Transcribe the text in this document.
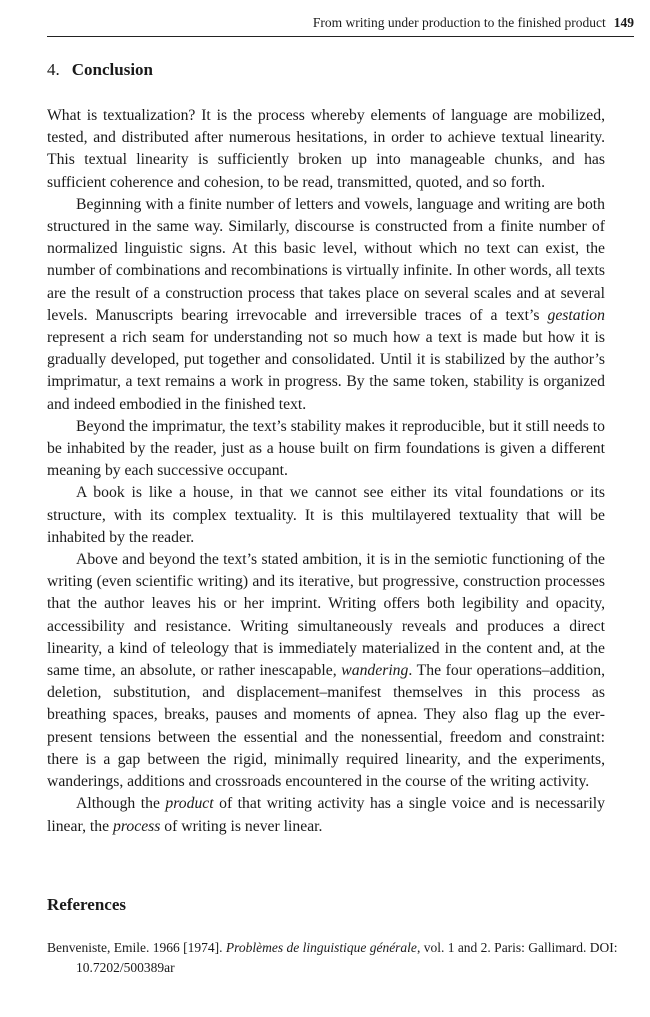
From writing under production to the finished product 149
4. Conclusion

What is textualization? It is the process whereby elements of language are mobilized, tested, and distributed after numerous hesitations, in order to achieve textual linearity. This textual linearity is sufficiently broken up into manageable chunks, and has sufficient coherence and cohesion, to be read, transmitted, quoted, and so forth.

Beginning with a finite number of letters and vowels, language and writing are both structured in the same way. Similarly, discourse is constructed from a finite number of normalized linguistic signs. At this basic level, without which no text can exist, the number of combinations and recombinations is virtually infinite. In other words, all texts are the result of a construction process that takes place on several scales and at several levels. Manuscripts bearing irrevocable and irreversible traces of a text’s gestation represent a rich seam for understanding not so much how a text is made but how it is gradually developed, put together and consolidated. Until it is stabilized by the author’s imprimatur, a text remains a work in progress. By the same token, stability is organized and indeed embodied in the finished text.

Beyond the imprimatur, the text’s stability makes it reproducible, but it still needs to be inhabited by the reader, just as a house built on firm foundations is given a different meaning by each successive occupant.

A book is like a house, in that we cannot see either its vital foundations or its structure, with its complex textuality. It is this multilayered textuality that will be inhabited by the reader.

Above and beyond the text’s stated ambition, it is in the semiotic functioning of the writing (even scientific writing) and its iterative, but progressive, construction processes that the author leaves his or her imprint. Writing offers both legibility and opacity, accessibility and resistance. Writing simultaneously reveals and produces a direct linearity, a kind of teleology that is immediately materialized in the content and, at the same time, an absolute, or rather inescapable, wandering. The four operations–addition, deletion, substitution, and displacement–manifest themselves in this process as breathing spaces, breaks, pauses and moments of apnea. They also flag up the ever-present tensions between the essential and the nonessential, freedom and constraint: there is a gap between the rigid, minimally required linearity, and the experiments, wanderings, additions and crossroads encountered in the course of the writing activity.

Although the product of that writing activity has a single voice and is necessarily linear, the process of writing is never linear.

References
Benveniste, Emile. 1966 [1974]. Problèmes de linguistique générale, vol. 1 and 2. Paris: Gallimard. DOI: 10.7202/500389ar
